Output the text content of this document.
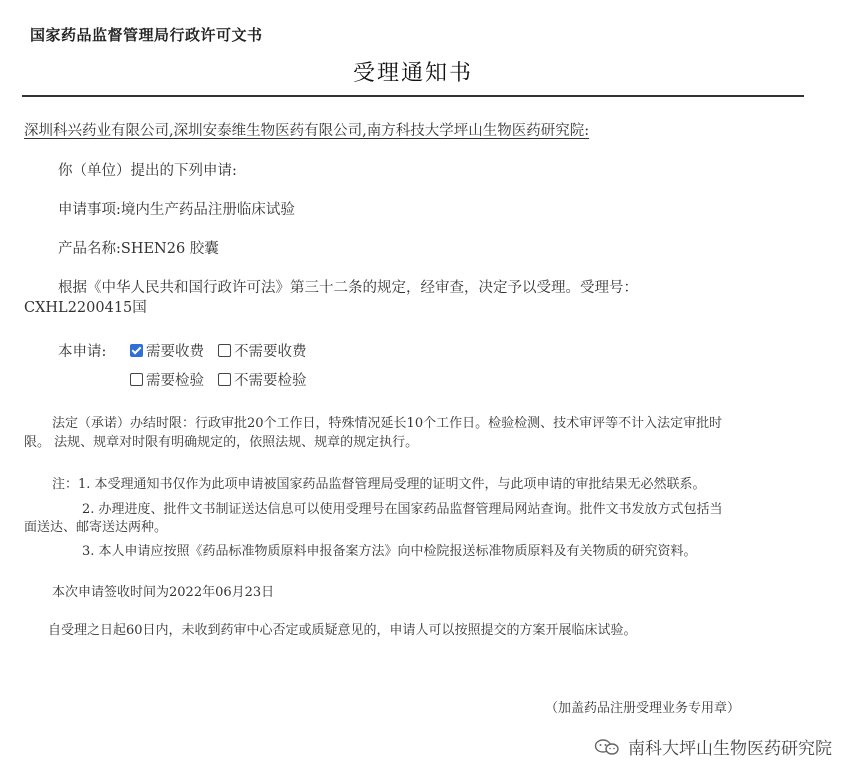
国家药品监督管理局行政许可文书
受理通知书
深圳科兴药业有限公司,深圳安泰维生物医药有限公司,南方科技大学坪山生物医药研究院:
你（单位）提出的下列申请:
申请事项:境内生产药品注册临床试验
产品名称:SHEN26 胶囊
根据《中华人民共和国行政许可法》第三十二条的规定，经审查，决定予以受理。受理号：
CXHL2200415国
本申请:	需要收费 不需要收费
需要检验 不需要检验
法定（承诺）办结时限：行政审批20个工作日，特殊情况延长10个工作日。检验检测、技术审评等不计入法定审批时
限。 法规、规章对时限有明确规定的，依照法规、规章的规定执行。
注：1. 本受理通知书仅作为此项申请被国家药品监督管理局受理的证明文件，与此项申请的审批结果无必然联系。
2. 办理进度、批件文书制证送达信息可以使用受理号在国家药品监督管理局网站查询。批件文书发放方式包括当
面送达、邮寄送达两种。
3. 本人申请应按照《药品标准物质原料申报备案方法》向中检院报送标准物质原料及有关物质的研究资料。
本次申请签收时间为2022年06月23日
自受理之日起60日内，未收到药审中心否定或质疑意见的，申请人可以按照提交的方案开展临床试验。
（加盖药品注册受理业务专用章）
南科大坪山生物医药研究院
